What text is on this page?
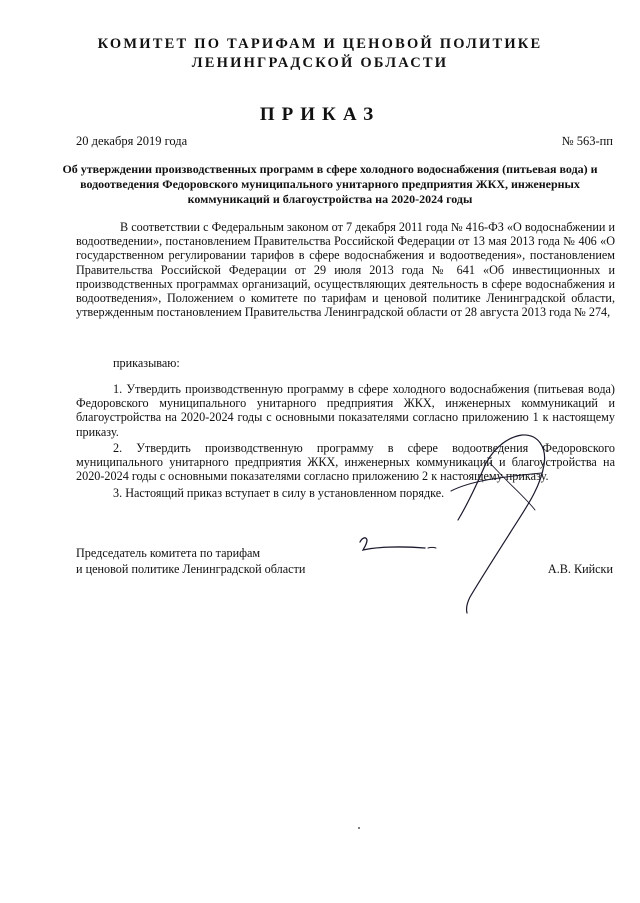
КОМИТЕТ ПО ТАРИФАМ И ЦЕНОВОЙ ПОЛИТИКЕ
ЛЕНИНГРАДСКОЙ ОБЛАСТИ
ПРИКАЗ
20 декабря 2019 года	№ 563-пп
Об утверждении производственных программ в сфере холодного водоснабжения (питьевая вода) и водоотведения Федоровского муниципального унитарного предприятия ЖКХ, инженерных коммуникаций и благоустройства на 2020-2024 годы
В соответствии с Федеральным законом от 7 декабря 2011 года № 416-ФЗ «О водоснабжении и водоотведении», постановлением Правительства Российской Федерации от 13 мая 2013 года № 406 «О государственном регулировании тарифов в сфере водоснабжения и водоотведения», постановлением Правительства Российской Федерации от 29 июля 2013 года № 641 «Об инвестиционных и производственных программах организаций, осуществляющих деятельность в сфере водоснабжения и водоотведения», Положением о комитете по тарифам и ценовой политике Ленинградской области, утвержденным постановлением Правительства Ленинградской области от 28 августа 2013 года № 274,
приказываю:
1. Утвердить производственную программу в сфере холодного водоснабжения (питьевая вода) Федоровского муниципального унитарного предприятия ЖКХ, инженерных коммуникаций и благоустройства на 2020-2024 годы с основными показателями согласно приложению 1 к настоящему приказу.
2. Утвердить производственную программу в сфере водоотведения Федоровского муниципального унитарного предприятия ЖКХ, инженерных коммуникаций и благоустройства на 2020-2024 годы с основными показателями согласно приложению 2 к настоящему приказу.
3. Настоящий приказ вступает в силу в установленном порядке.
Председатель комитета по тарифам
и ценовой политике Ленинградской области	А.В. Кийски
